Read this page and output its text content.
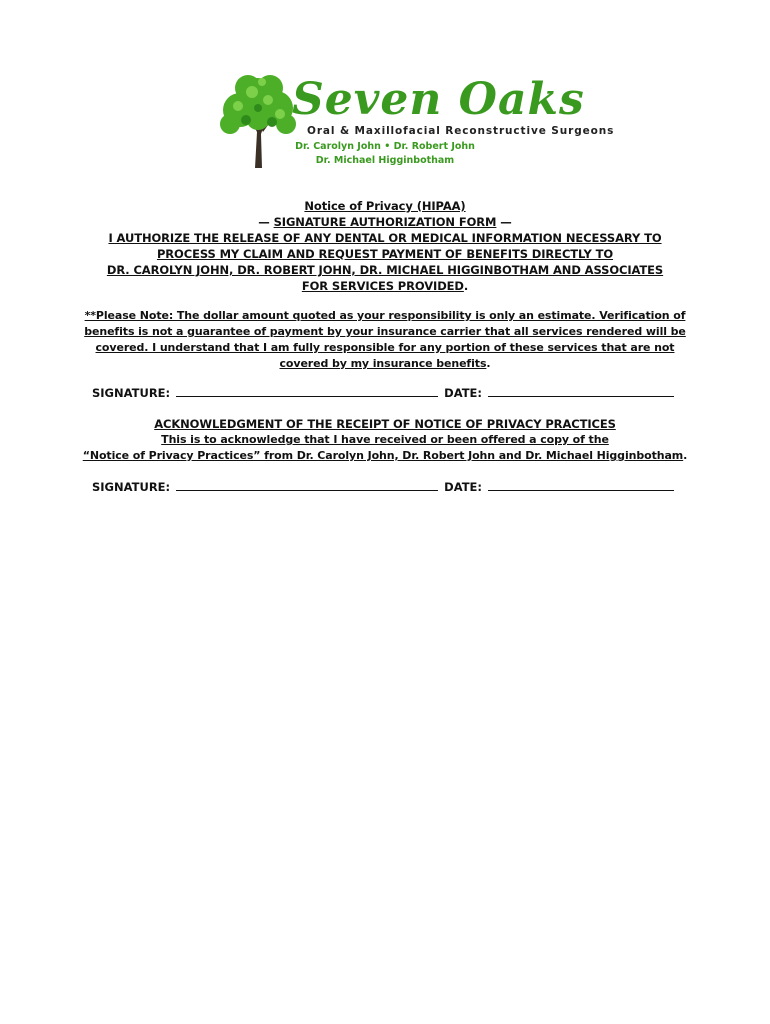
Seven Oaks
Oral & Maxillofacial Reconstructive Surgeons
Dr. Carolyn John • Dr. Robert John
Dr. Michael Higginbotham
Notice of Privacy (HIPAA)
— SIGNATURE AUTHORIZATION FORM —
I AUTHORIZE THE RELEASE OF ANY DENTAL OR MEDICAL INFORMATION NECESSARY TO
PROCESS MY CLAIM AND REQUEST PAYMENT OF BENEFITS DIRECTLY TO
DR. CAROLYN JOHN, DR. ROBERT JOHN, DR. MICHAEL HIGGINBOTHAM AND ASSOCIATES
FOR SERVICES PROVIDED.
**Please Note: The dollar amount quoted as your responsibility is only an estimate. Verification of
benefits is not a guarantee of payment by your insurance carrier that all services rendered will be
covered. I understand that I am fully responsible for any portion of these services that are not
covered by my insurance benefits.
SIGNATURE:	DATE:
ACKNOWLEDGMENT OF THE RECEIPT OF NOTICE OF PRIVACY PRACTICES
This is to acknowledge that I have received or been offered a copy of the
“Notice of Privacy Practices” from Dr. Carolyn John, Dr. Robert John and Dr. Michael Higginbotham.
SIGNATURE:	DATE:
